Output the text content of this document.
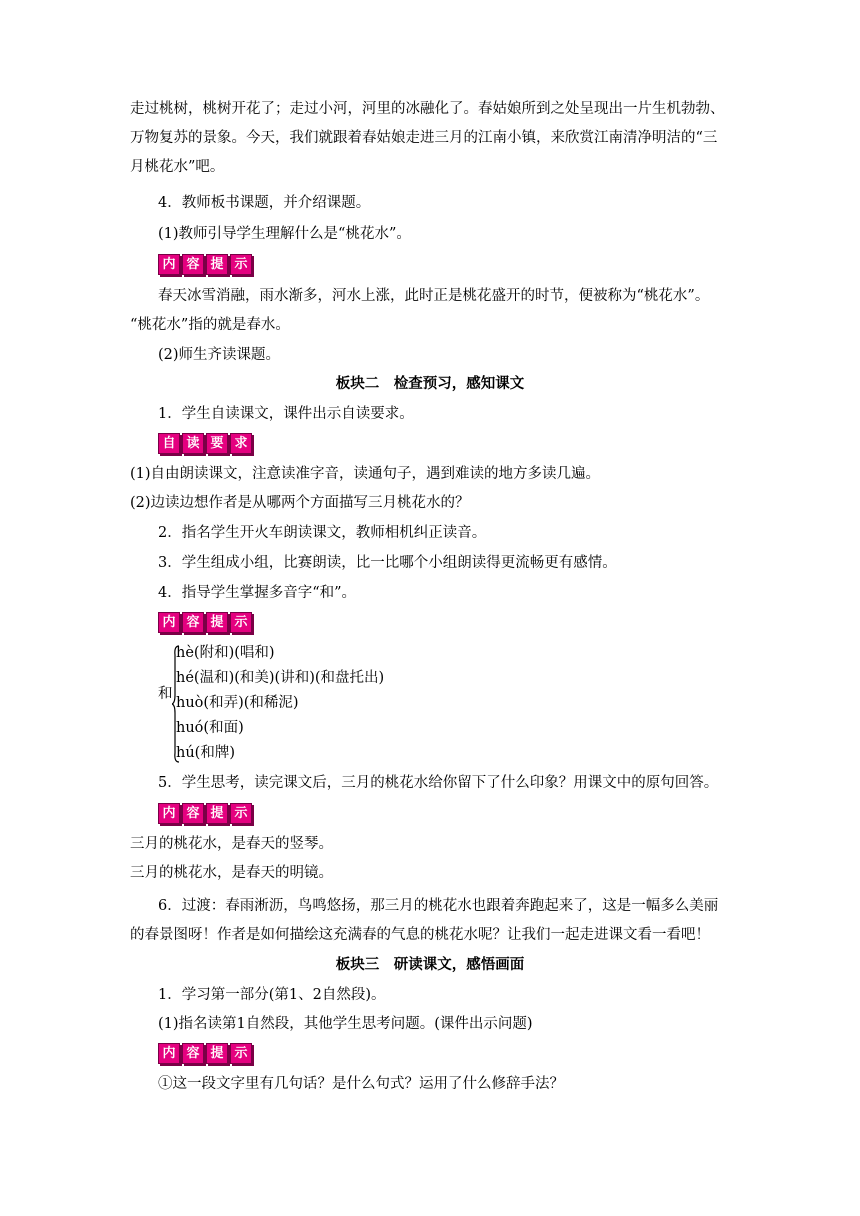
走过桃树，桃树开花了；走过小河，河里的冰融化了。春姑娘所到之处呈现出一片生机勃勃、
万物复苏的景象。今天，我们就跟着春姑娘走进三月的江南小镇，来欣赏江南清净明洁的“三
月桃花水”吧。
4．教师板书课题，并介绍课题。
(1)教师引导学生理解什么是“桃花水”。
内 容 提 示
春天冰雪消融，雨水渐多，河水上涨，此时正是桃花盛开的时节，便被称为“桃花水”。
“桃花水”指的就是春水。
(2)师生齐读课题。
板块二　检查预习，感知课文
1．学生自读课文，课件出示自读要求。
自 读 要 求
(1)自由朗读课文，注意读准字音，读通句子，遇到难读的地方多读几遍。
(2)边读边想作者是从哪两个方面描写三月桃花水的？
2．指名学生开火车朗读课文，教师相机纠正读音。
3．学生组成小组，比赛朗读，比一比哪个小组朗读得更流畅更有感情。
4．指导学生掌握多音字“和”。
内 容 提 示
和
hè(附和)(唱和)
hé(温和)(和美)(讲和)(和盘托出)
huò(和弄)(和稀泥)
huó(和面)
hú(和牌)
5．学生思考，读完课文后，三月的桃花水给你留下了什么印象？用课文中的原句回答。
内 容 提 示
三月的桃花水，是春天的竖琴。
三月的桃花水，是春天的明镜。
6．过渡：春雨淅沥，鸟鸣悠扬，那三月的桃花水也跟着奔跑起来了，这是一幅多么美丽
的春景图呀！作者是如何描绘这充满春的气息的桃花水呢？让我们一起走进课文看一看吧！
板块三　研读课文，感悟画面
1．学习第一部分(第1、2自然段)。
(1)指名读第1自然段，其他学生思考问题。(课件出示问题)
内 容 提 示
①这一段文字里有几句话？是什么句式？运用了什么修辞手法？
